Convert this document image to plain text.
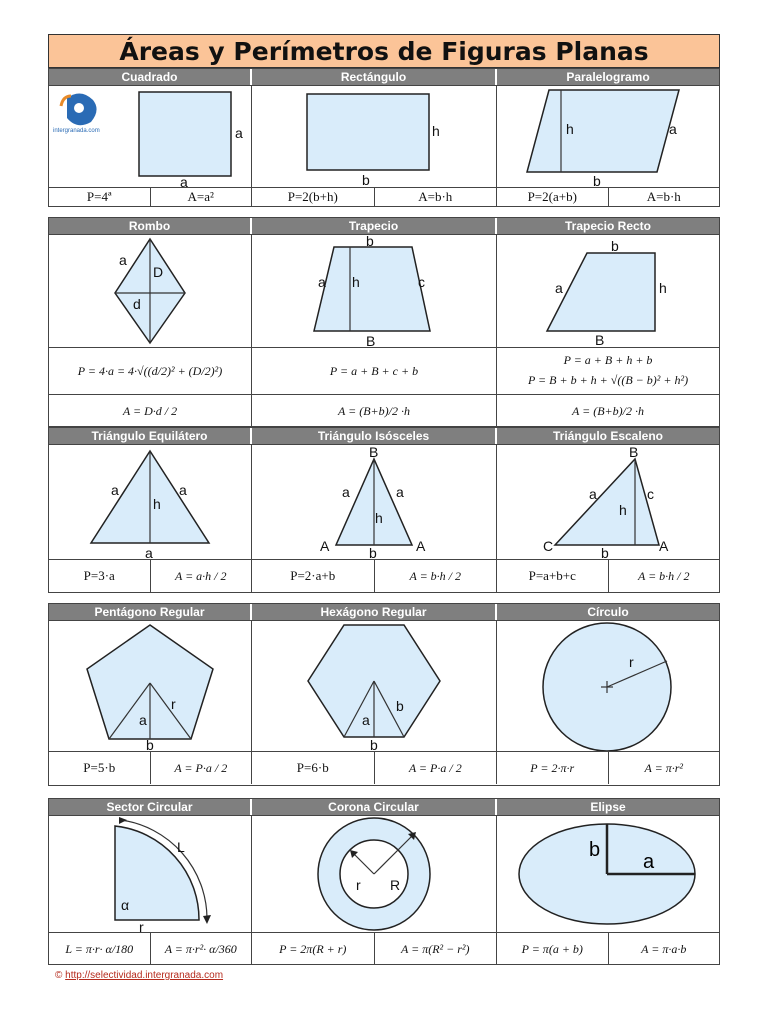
Áreas y Perímetros de Figuras Planas
Cuadrado	Rectángulo	Paralelogramo
intergranada.com	a
a
h
b
h	a
b
P=4ª	A=a²	P=2(b+h)	A=b·h	P=2(a+b)	A=b·h
Rombo	Trapecio	Trapecio Recto
a
D
d
b
a h	c
B
b
a	h
B
P = 4·a = 4·√((d/2)² + (D/2)²)	P = a + B + c + b
P = a + B + h + b
P = B + b + h + √((B − b)² + h²)
A = D·d / 2	A = (B+b)/2 ·h	A = (B+b)/2 ·h
Triángulo Equilátero	Triángulo Isósceles	Triángulo Escaleno
a	a
h
a
B
a	a
h
A	A
b
B
a	c
h
C	A
b
P=3·a	A = a·h / 2	P=2·a+b	A = b·h / 2	P=a+b+c	A = b·h / 2
Pentágono Regular	Hexágono Regular	Círculo
a
r
b
a
b
b
r
P=5·b	A = P·a / 2	P=6·b	A = P·a / 2	P = 2·π·r	A = π·r²
Sector Circular	Corona Circular	Elipse
L
α
r
r R
b
a
L = π·r· α/180	A = π·r²· α/360	P = 2π(R + r)	A = π(R² − r²)	P = π(a + b)	A = π·a·b
© http://selectividad.intergranada.com
